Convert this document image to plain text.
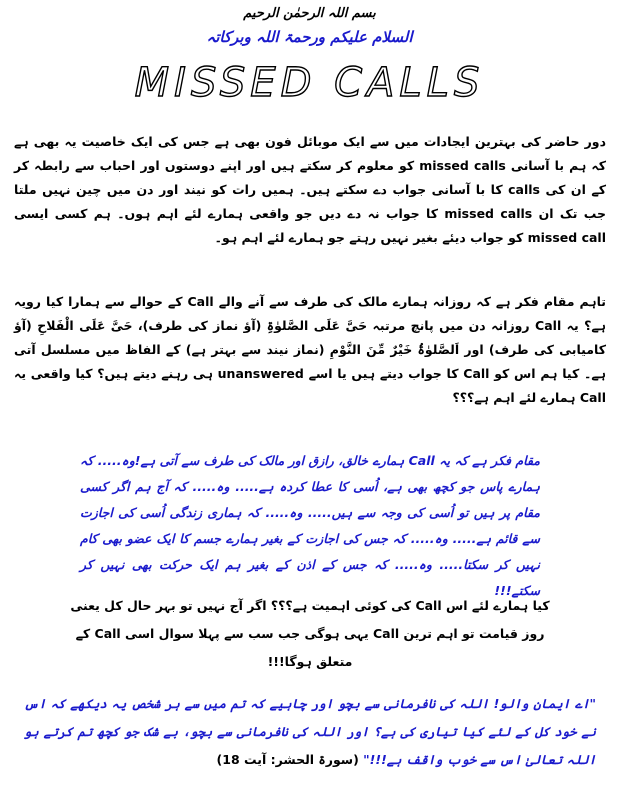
بسم اللہ الرحمٰن الرحیم
السلام علیکم ورحمۃ اللہ وبرکاتہ
MISSED CALLS
دور حاضر کی بہترین ایجادات میں سے ایک موبائل فون بھی ہے جس کی ایک خاصیت یہ بھی ہے کہ ہم با آسانی missed calls کو معلوم کر سکتے ہیں اور اپنے دوستوں اور احباب سے رابطہ کر کے ان کی calls کا با آسانی جواب دے سکتے ہیں۔ ہمیں رات کو نیند اور دن میں چین نہیں ملتا جب تک ان missed calls کا جواب نہ دے دیں جو واقعی ہمارے لئے اہم ہوں۔ ہم کسی ایسی missed call کو جواب دیئے بغیر نہیں رہتے جو ہمارے لئے اہم ہو۔
تاہم مقام فکر ہے کہ روزانہ ہمارے مالک کی طرف سے آنے والے Call کے حوالے سے ہمارا کیا رویہ ہے؟ یہ Call روزانہ دن میں پانچ مرتبہ حَیَّ عَلَی الصَّلوٰۃِ (آؤ نماز کی طرف)، حَیَّ عَلَی الْفَلاحِ (آؤ کامیابی کی طرف) اور اَلصَّلوٰۃُ خَیْرٌ مِّنَ النَّوْمِ (نماز نیند سے بہتر ہے) کے الفاظ میں مسلسل آتی ہے۔ کیا ہم اس کو Call کا جواب دیتے ہیں یا اسے unanswered ہی رہنے دیتے ہیں؟ کیا واقعی یہ Call ہمارے لئے اہم ہے؟؟؟
مقام فکر ہے کہ یہ Call ہمارے خالق، رازق اور مالک کی طرف سے آتی ہے!وہ..... کہ ہمارے پاس جو کچھ بھی ہے، اُسی کا عطا کردہ ہے..... وہ..... کہ آج ہم اگر کسی مقام پر ہیں تو اُسی کی وجہ سے ہیں..... وہ..... کہ ہماری زندگی اُسی کی اجازت سے قائم ہے..... وہ..... کہ جس کی اجازت کے بغیر ہمارے جسم کا ایک عضو بھی کام نہیں کر سکتا..... وہ..... کہ جس کے اذن کے بغیر ہم ایک حرکت بھی نہیں کر سکتے!!!
کیا ہمارے لئے اس Call کی کوئی اہمیت ہے؟؟؟ اگر آج نہیں تو بہر حال کل یعنی روز قیامت تو اہم ترین Call یہی ہوگی جب سب سے پہلا سوال اسی Call کے متعلق ہوگا!!!
"اے ایمان والو! اللہ کی نافرمانی سے بچو اور چاہیے کہ تم میں سے ہر شخص یہ دیکھے کہ اس نے خود کل کے لئے کیا تیاری کی ہے؟ اور اللہ کی نافرمانی سے بچو، بے شک جو کچھ تم کرتے ہو اللہ تعالیٰ اس سے خوب واقف ہے!!!" (سورۃ الحشر: آیت 18)
